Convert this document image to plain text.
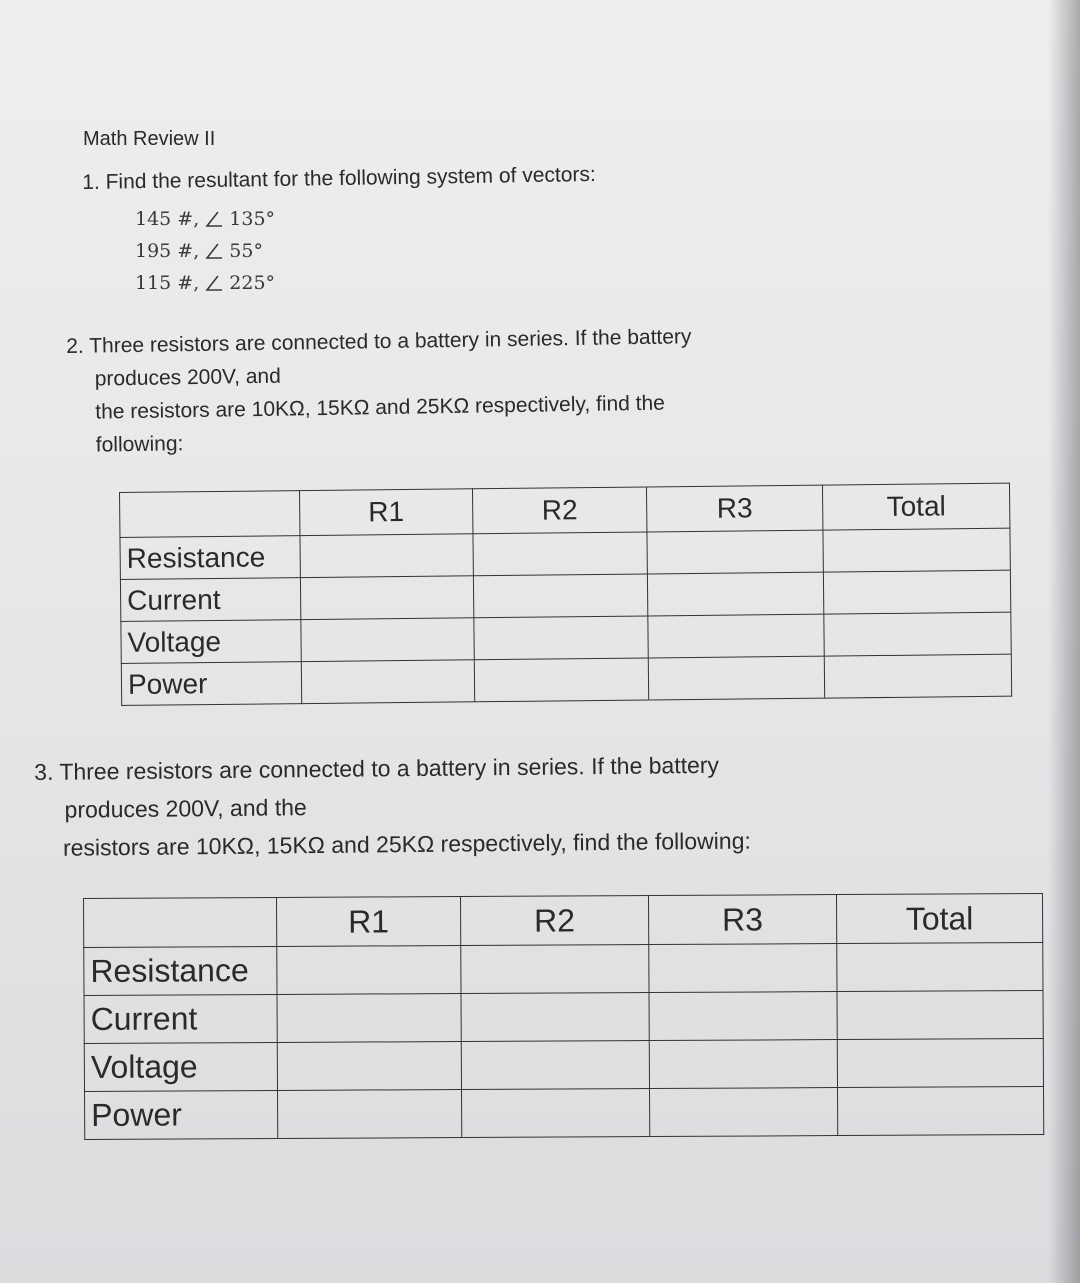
Math Review II
1. Find the resultant for the following system of vectors:
145 #, 135°
195 #, 55°
115 #, 225°
2. Three resistors are connected to a battery in series. If the battery
produces 200V, and
the resistors are 10KΩ, 15KΩ and 25KΩ respectively, find the
following:
	R1	R2	R3	Total
Resistance				
Current				
Voltage				
Power				
3. Three resistors are connected to a battery in series. If the battery
produces 200V, and the
resistors are 10KΩ, 15KΩ and 25KΩ respectively, find the following:
	R1	R2	R3	Total
Resistance				
Current				
Voltage				
Power				
